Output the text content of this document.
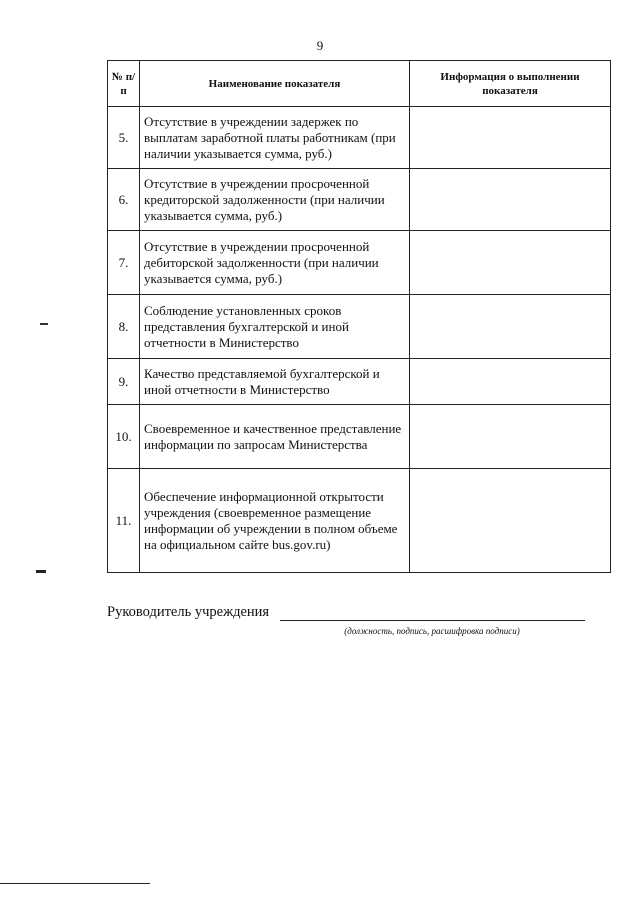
9
№ п/п	Наименование показателя	Информация о выполнении показателя
5.	Отсутствие в учреждении задержек по выплатам заработной платы работникам (при наличии указывается сумма, руб.)	
6.	Отсутствие в учреждении просроченной кредиторской задолженности (при наличии указывается сумма, руб.)	
7.	Отсутствие в учреждении просроченной дебиторской задолженности (при наличии указывается сумма, руб.)	
8.	Соблюдение установленных сроков представления бухгалтерской и иной отчетности в Министерство	
9.	Качество представляемой бухгалтерской и иной отчетности в Министерство	
10.	Своевременное и качественное представление информации по запросам Министерства	
11.	Обеспечение информационной открытости учреждения (своевременное размещение информации об учреждении в полном объеме на официальном сайте bus.gov.ru)	
Руководитель учреждения
(должность, подпись, расшифровка подписи)
